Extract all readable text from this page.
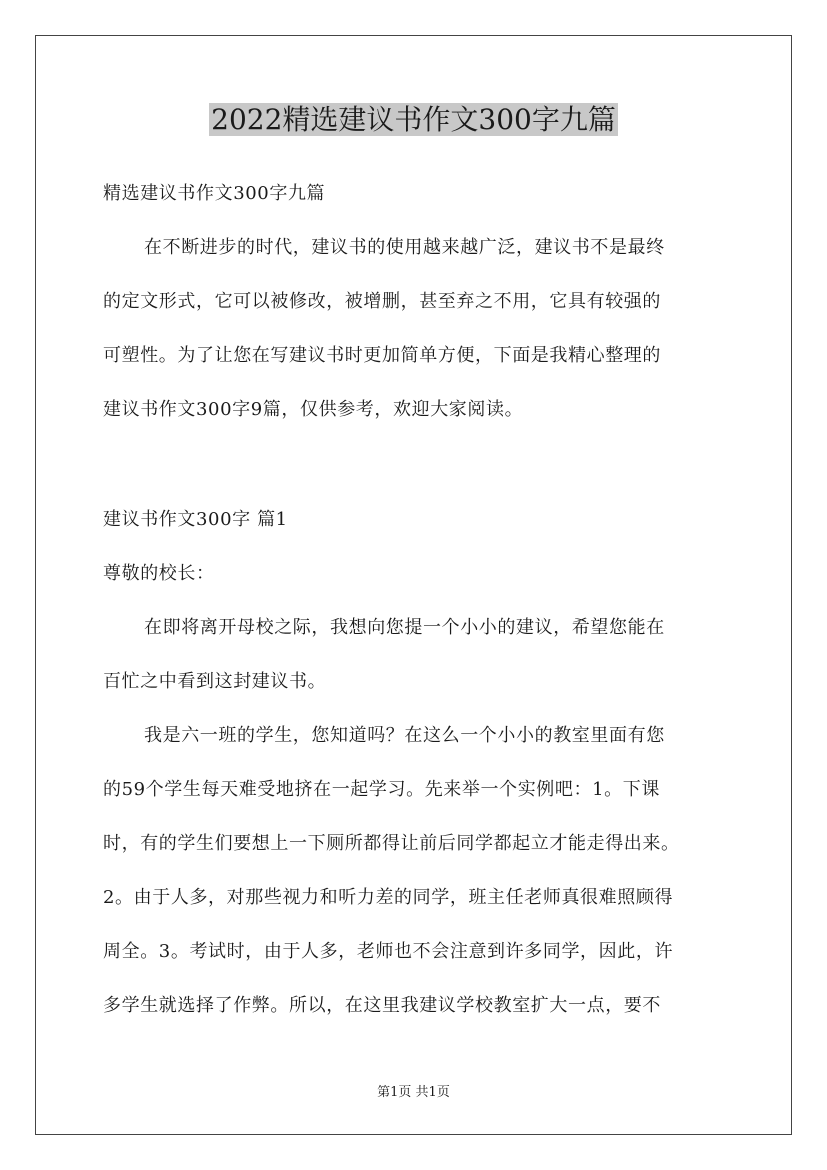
2022精选建议书作文300字九篇
精选建议书作文300字九篇
在不断进步的时代，建议书的使用越来越广泛，建议书不是最终
的定文形式，它可以被修改，被增删，甚至弃之不用，它具有较强的
可塑性。为了让您在写建议书时更加简单方便，下面是我精心整理的
建议书作文300字9篇，仅供参考，欢迎大家阅读。
建议书作文300字 篇1
尊敬的校长：
在即将离开母校之际，我想向您提一个小小的建议，希望您能在
百忙之中看到这封建议书。
我是六一班的学生，您知道吗？在这么一个小小的教室里面有您
的59个学生每天难受地挤在一起学习。先来举一个实例吧：1。下课
时，有的学生们要想上一下厕所都得让前后同学都起立才能走得出来。
2。由于人多，对那些视力和听力差的同学，班主任老师真很难照顾得
周全。3。考试时，由于人多，老师也不会注意到许多同学，因此，许
多学生就选择了作弊。所以，在这里我建议学校教室扩大一点，要不
第1页 共1页
